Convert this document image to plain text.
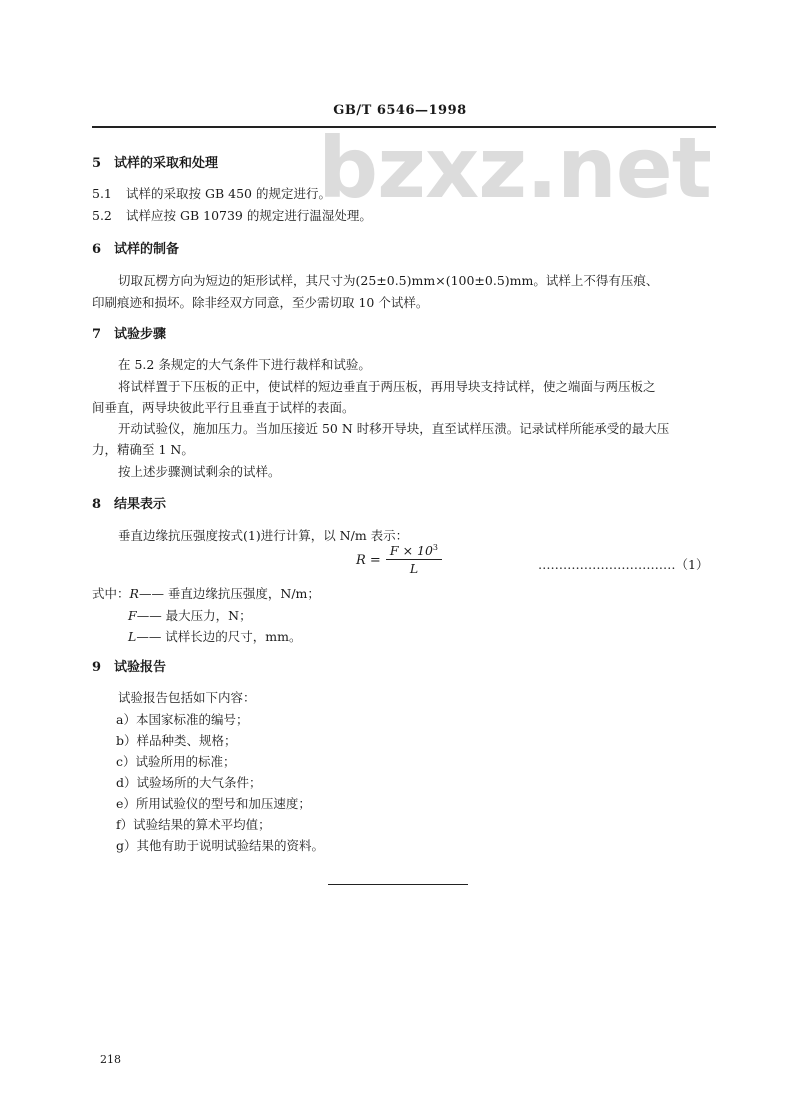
GB/T 6546—1998
bzxz.net
5 试样的采取和处理
5.1 试样的采取按 GB 450 的规定进行。
5.2 试样应按 GB 10739 的规定进行温湿处理。
6 试样的制备
切取瓦楞方向为短边的矩形试样，其尺寸为(25±0.5)mm×(100±0.5)mm。试样上不得有压痕、
印刷痕迹和损坏。除非经双方同意，至少需切取 10 个试样。
7 试验步骤
在 5.2 条规定的大气条件下进行裁样和试验。
将试样置于下压板的正中，使试样的短边垂直于两压板，再用导块支持试样，使之端面与两压板之
间垂直，两导块彼此平行且垂直于试样的表面。
开动试验仪，施加压力。当加压接近 50 N 时移开导块，直至试样压溃。记录试样所能承受的最大压
力，精确至 1 N。
按上述步骤测试剩余的试样。
8 结果表示
垂直边缘抗压强度按式(1)进行计算，以 N/m 表示：
$R = \frac{F \times 10^3}{L}$	……………………………（1）
式中：R—— 垂直边缘抗压强度，N/m；
F—— 最大压力，N；
L—— 试样长边的尺寸，mm。
9 试验报告
试验报告包括如下内容：
a）本国家标准的编号；
b）样品种类、规格；
c）试验所用的标准；
d）试验场所的大气条件；
e）所用试验仪的型号和加压速度；
f）试验结果的算术平均值；
g）其他有助于说明试验结果的资料。
218
